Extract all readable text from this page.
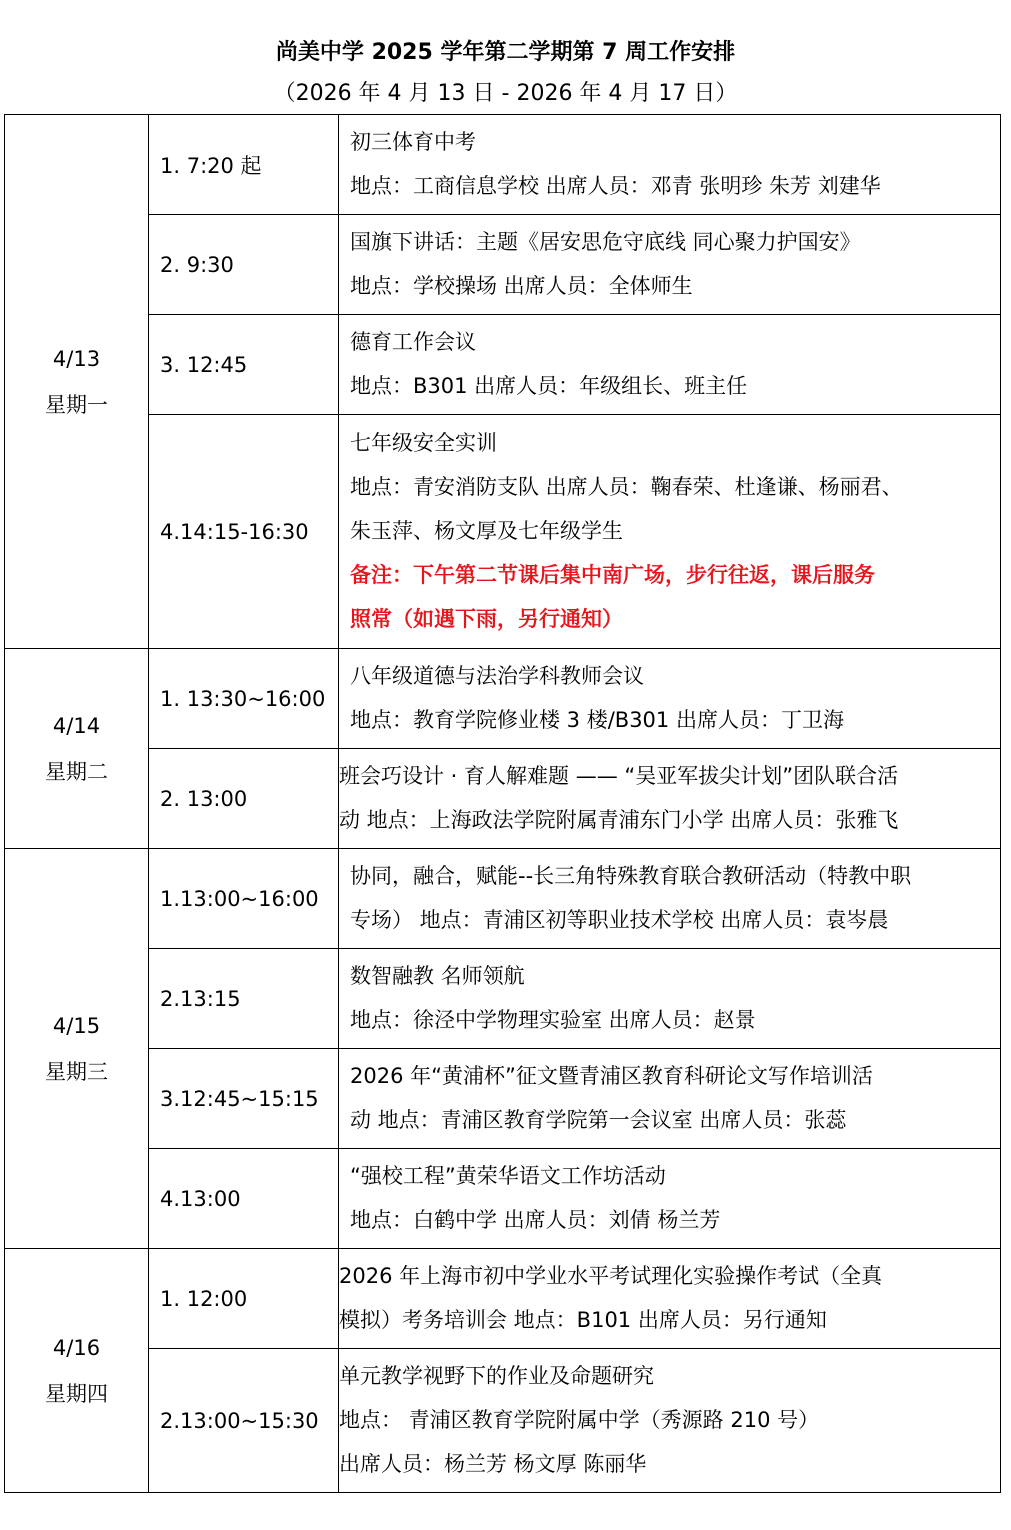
尚美中学 2025 学年第二学期第 7 周工作安排
（2026 年 4 月 13 日 - 2026 年 4 月 17 日）
4/13
星期一	1. 7:20 起	初三体育中考
地点：工商信息学校 出席人员：邓青 张明珍 朱芳 刘建华

	2. 9:30	国旗下讲话：主题《居安思危守底线 同心聚力护国安》
地点：学校操场 出席人员：全体师生

	3. 12:45	德育工作会议
地点：B301 出席人员：年级组长、班主任

	4.14:15-16:30	七年级安全实训
地点：青安消防支队 出席人员：鞠春荣、杜逢谦、杨丽君、
朱玉萍、杨文厚及七年级学生
备注：下午第二节课后集中南广场，步行往返，课后服务
照常（如遇下雨，另行通知）

4/14
星期二	1. 13:30~16:00	八年级道德与法治学科教师会议
地点：教育学院修业楼 3 楼/B301 出席人员：丁卫海

	2. 13:00	班会巧设计 · 育人解难题 —— “吴亚军拔尖计划”团队联合活
动 地点：上海政法学院附属青浦东门小学 出席人员：张雅飞

4/15
星期三	1.13:00~16:00	协同，融合，赋能--长三角特殊教育联合教研活动（特教中职
专场） 地点：青浦区初等职业技术学校 出席人员：袁岑晨

	2.13:15	数智融教 名师领航
地点：徐泾中学物理实验室 出席人员：赵景

	3.12:45~15:15	2026 年“黄浦杯”征文暨青浦区教育科研论文写作培训活
动 地点：青浦区教育学院第一会议室 出席人员：张蕊

	4.13:00	“强校工程”黄荣华语文工作坊活动
地点：白鹤中学 出席人员：刘倩 杨兰芳

4/16
星期四	1. 12:00	2026 年上海市初中学业水平考试理化实验操作考试（全真
模拟）考务培训会 地点：B101 出席人员：另行通知

	2.13:00~15:30	单元教学视野下的作业及命题研究
地点： 青浦区教育学院附属中学（秀源路 210 号）
出席人员：杨兰芳 杨文厚 陈丽华
